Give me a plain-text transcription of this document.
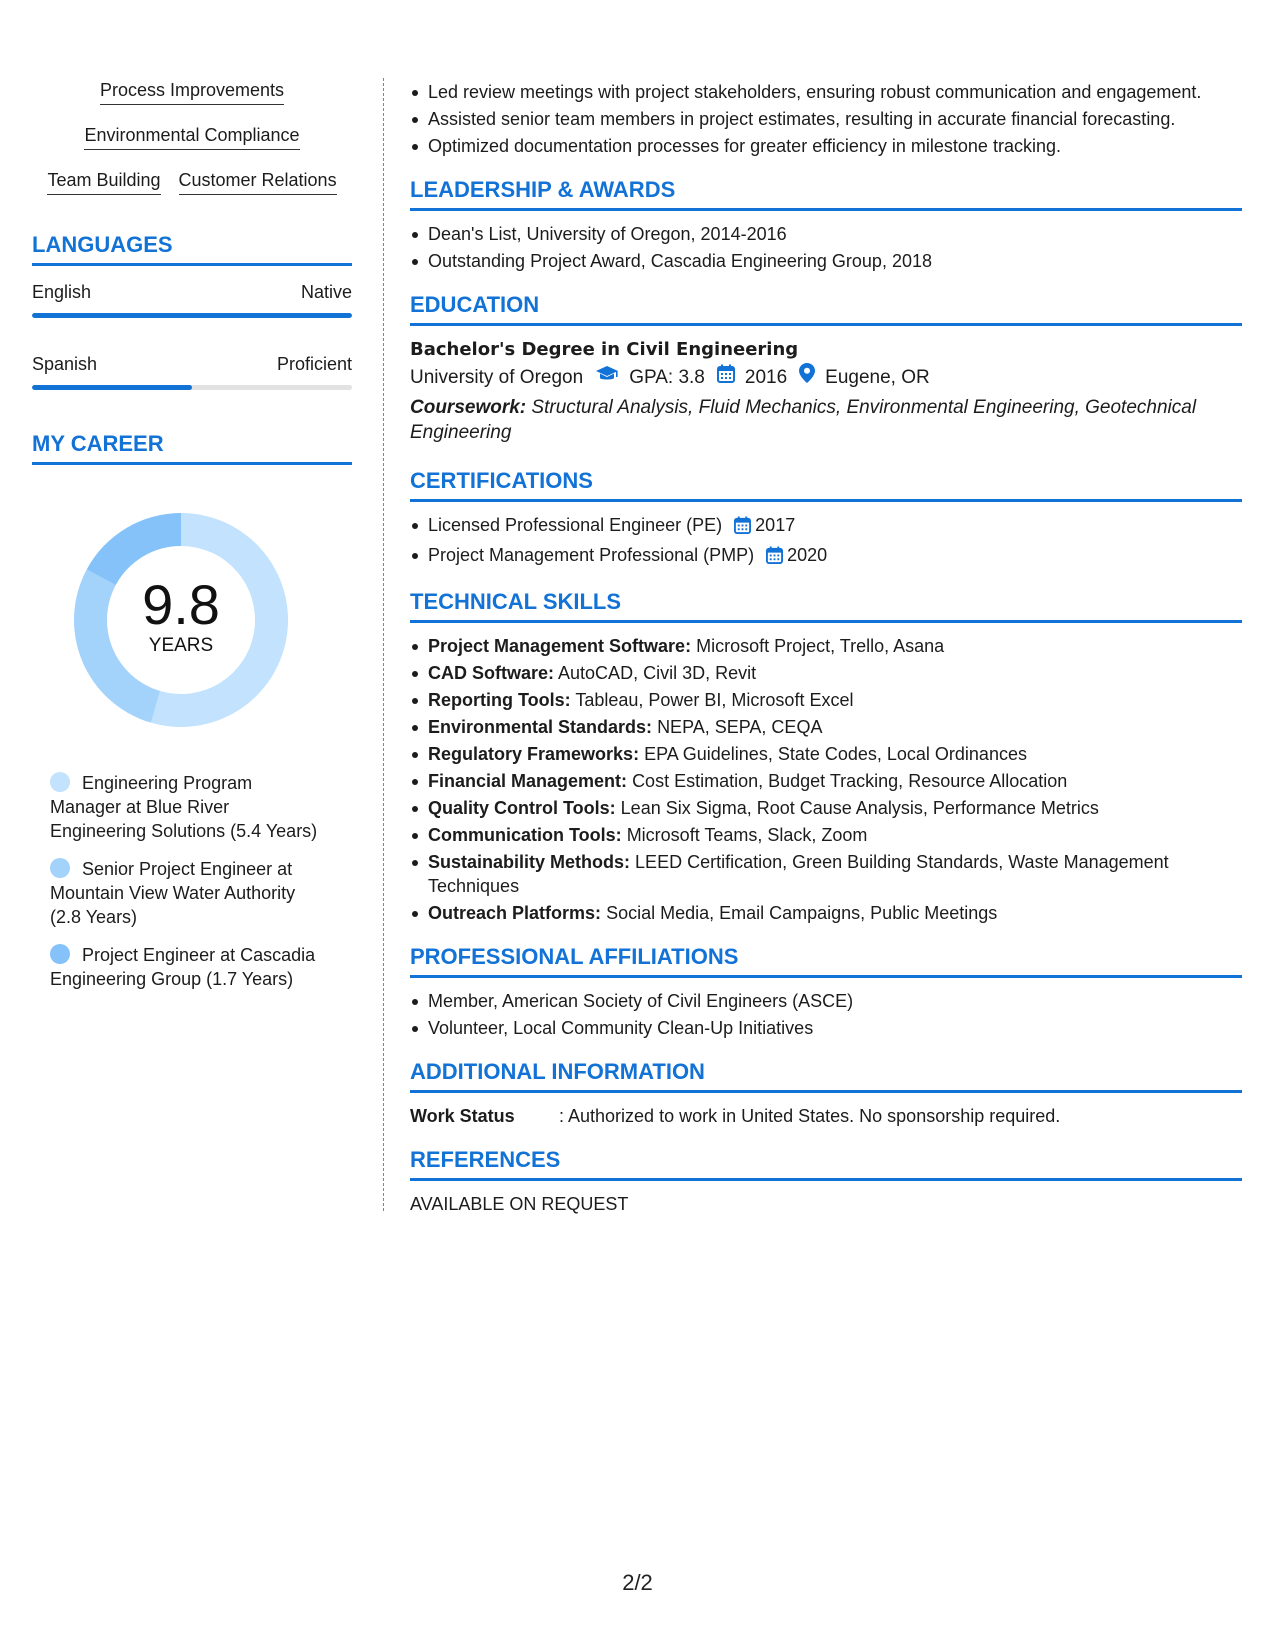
Process Improvements
Environmental Compliance
Team Building Customer Relations
LANGUAGES
English	Native
Spanish	Proficient
MY CAREER
9.8
YEARS
Engineering Program Manager at Blue River Engineering Solutions (5.4 Years)
Senior Project Engineer at Mountain View Water Authority (2.8 Years)
Project Engineer at Cascadia Engineering Group (1.7 Years)
Led review meetings with project stakeholders, ensuring robust communication and engagement.
Assisted senior team members in project estimates, resulting in accurate financial forecasting.
Optimized documentation processes for greater efficiency in milestone tracking.
LEADERSHIP & AWARDS
Dean's List, University of Oregon, 2014-2016
Outstanding Project Award, Cascadia Engineering Group, 2018
EDUCATION
Bachelor's Degree in Civil Engineering
University of Oregon GPA: 3.8 2016 Eugene, OR
Coursework: Structural Analysis, Fluid Mechanics, Environmental Engineering, Geotechnical Engineering
CERTIFICATIONS
Licensed Professional Engineer (PE) 2017
Project Management Professional (PMP) 2020
TECHNICAL SKILLS
Project Management Software: Microsoft Project, Trello, Asana
CAD Software: AutoCAD, Civil 3D, Revit
Reporting Tools: Tableau, Power BI, Microsoft Excel
Environmental Standards: NEPA, SEPA, CEQA
Regulatory Frameworks: EPA Guidelines, State Codes, Local Ordinances
Financial Management: Cost Estimation, Budget Tracking, Resource Allocation
Quality Control Tools: Lean Six Sigma, Root Cause Analysis, Performance Metrics
Communication Tools: Microsoft Teams, Slack, Zoom
Sustainability Methods: LEED Certification, Green Building Standards, Waste Management Techniques
Outreach Platforms: Social Media, Email Campaigns, Public Meetings
PROFESSIONAL AFFILIATIONS
Member, American Society of Civil Engineers (ASCE)
Volunteer, Local Community Clean-Up Initiatives
ADDITIONAL INFORMATION
Work Status	: Authorized to work in United States. No sponsorship required.
REFERENCES
AVAILABLE ON REQUEST
2/2
